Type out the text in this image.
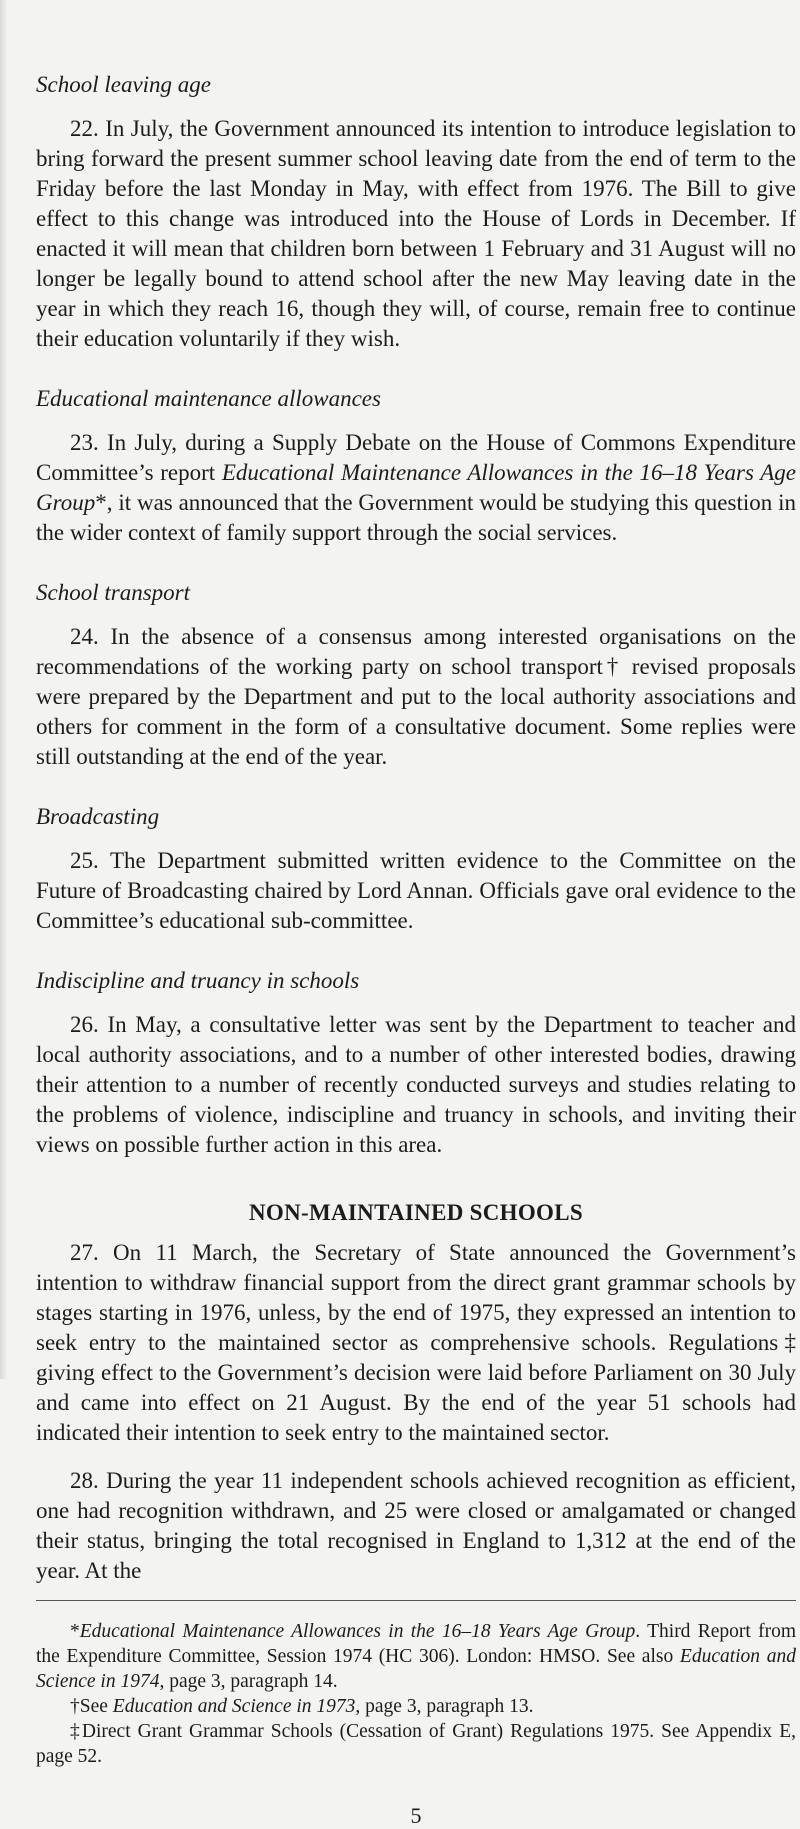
School leaving age

22. In July, the Government announced its intention to introduce legislation to bring forward the present summer school leaving date from the end of term to the Friday before the last Monday in May, with effect from 1976. The Bill to give effect to this change was introduced into the House of Lords in December. If enacted it will mean that children born between 1 February and 31 August will no longer be legally bound to attend school after the new May leaving date in the year in which they reach 16, though they will, of course, remain free to continue their education voluntarily if they wish.

Educational maintenance allowances

23. In July, during a Supply Debate on the House of Commons Expenditure Committee’s report Educational Maintenance Allowances in the 16–18 Years Age Group*, it was announced that the Government would be studying this question in the wider context of family support through the social services.

School transport

24. In the absence of a consensus among interested organisations on the recommendations of the working party on school transport† revised proposals were prepared by the Department and put to the local authority associations and others for comment in the form of a consultative document. Some replies were still outstanding at the end of the year.

Broadcasting

25. The Department submitted written evidence to the Committee on the Future of Broadcasting chaired by Lord Annan. Officials gave oral evidence to the Committee’s educational sub-committee.

Indiscipline and truancy in schools

26. In May, a consultative letter was sent by the Department to teacher and local authority associations, and to a number of other interested bodies, drawing their attention to a number of recently conducted surveys and studies relating to the problems of violence, indiscipline and truancy in schools, and inviting their views on possible further action in this area.

NON-MAINTAINED SCHOOLS

27. On 11 March, the Secretary of State announced the Government’s intention to withdraw financial support from the direct grant grammar schools by stages starting in 1976, unless, by the end of 1975, they expressed an intention to seek entry to the maintained sector as comprehensive schools. Regulations‡ giving effect to the Government’s decision were laid before Parliament on 30 July and came into effect on 21 August. By the end of the year 51 schools had indicated their intention to seek entry to the maintained sector.

28. During the year 11 independent schools achieved recognition as efficient, one had recognition withdrawn, and 25 were closed or amalgamated or changed their status, bringing the total recognised in England to 1,312 at the end of the year. At the

*Educational Maintenance Allowances in the 16–18 Years Age Group. Third Report from the Expenditure Committee, Session 1974 (HC 306). London: HMSO. See also Education and Science in 1974, page 3, paragraph 14.

†See Education and Science in 1973, page 3, paragraph 13.

‡Direct Grant Grammar Schools (Cessation of Grant) Regulations 1975. See Appendix E, page 52.

5
